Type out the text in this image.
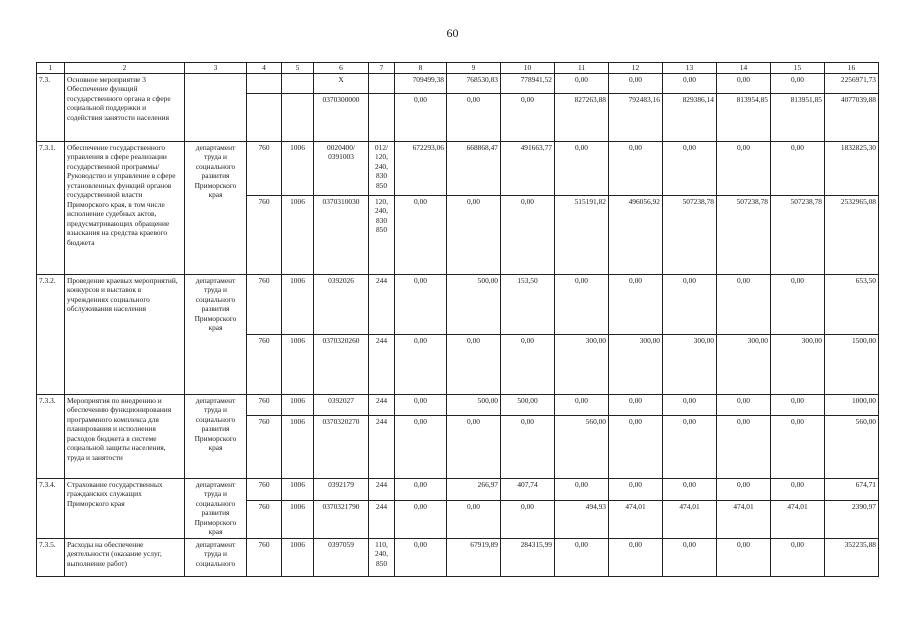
60
1	2	3	4	5	6	7	8	9	10	11	12	13	14	15	16
7.3.	Основное мероприятие 3 Обеспечение функций государственного органа в сфере социальной поддержки и содействия занятости населения				Х		709499,38	768530,83	778941,52	0,00	0,00	0,00	0,00	0,00	2256971,73
					0370300000		0,00	0,00	0,00	827263,88	792483,16	829386,14	813954,85	813951,85	4077039,88
7.3.1.	Обеспечение государственного управления в сфере реализации государственной программы/ Руководство и управление в сфере установленных функций органов государственной власти Приморского края, в том числе исполнение судебных актов, предусматривающих обращение взыскания на средства краевого бюджета	департамент труда и социального развития Приморского края	760	1006	0020400/ 0391003	012/ 120, 240, 830 850	672293,06	668868,47	491663,77	0,00	0,00	0,00	0,00	0,00	1832825,30
			760	1006	0370310030	120, 240, 830 850	0,00	0,00	0,00	515191,82	496056,92	507238,78	507238,78	507238,78	2532965,08
7.3.2.	Проведение краевых мероприятий, конкурсов и выставок в учреждениях социального обслуживания населения	департамент труда и социального развития Приморского края	760	1006	0392026	244	0,00	500,00	153,50	0,00	0,00	0,00	0,00	0,00	653,50
			760	1006	0370320260	244	0,00	0,00	0,00	300,00	300,00	300,00	300,00	300,00	1500,00
7.3.3.	Мероприятия по внедрению и обеспечению функционирования программного комплекса для планирования и исполнения расходов бюджета в системе социальной защиты населения, труда и занятости	департамент труда и социального развития Приморского края	760	1006	0392027	244	0,00	500,00	500,00	0,00	0,00	0,00	0,00	0,00	1000,00
			760	1006	0370320270	244	0,00	0,00	0,00	560,00	0,00	0,00	0,00	0,00	560,00
7.3.4.	Страхование государственных гражданских служащих Приморского края	департамент труда и социального развития Приморского края	760	1006	0392179	244	0,00	266,97	407,74	0,00	0,00	0,00	0,00	0,00	674,71
			760	1006	0370321790	244	0,00	0,00	0,00	494,93	474,01	474,01	474,01	474,01	2390,97
7.3.5.	Расходы на обеспечение деятельности (оказание услуг, выполнение работ)	департамент труда и социального	760	1006	0397059	110, 240, 850	0,00	67919,89	284315,99	0,00	0,00	0,00	0,00	0,00	352235,88
